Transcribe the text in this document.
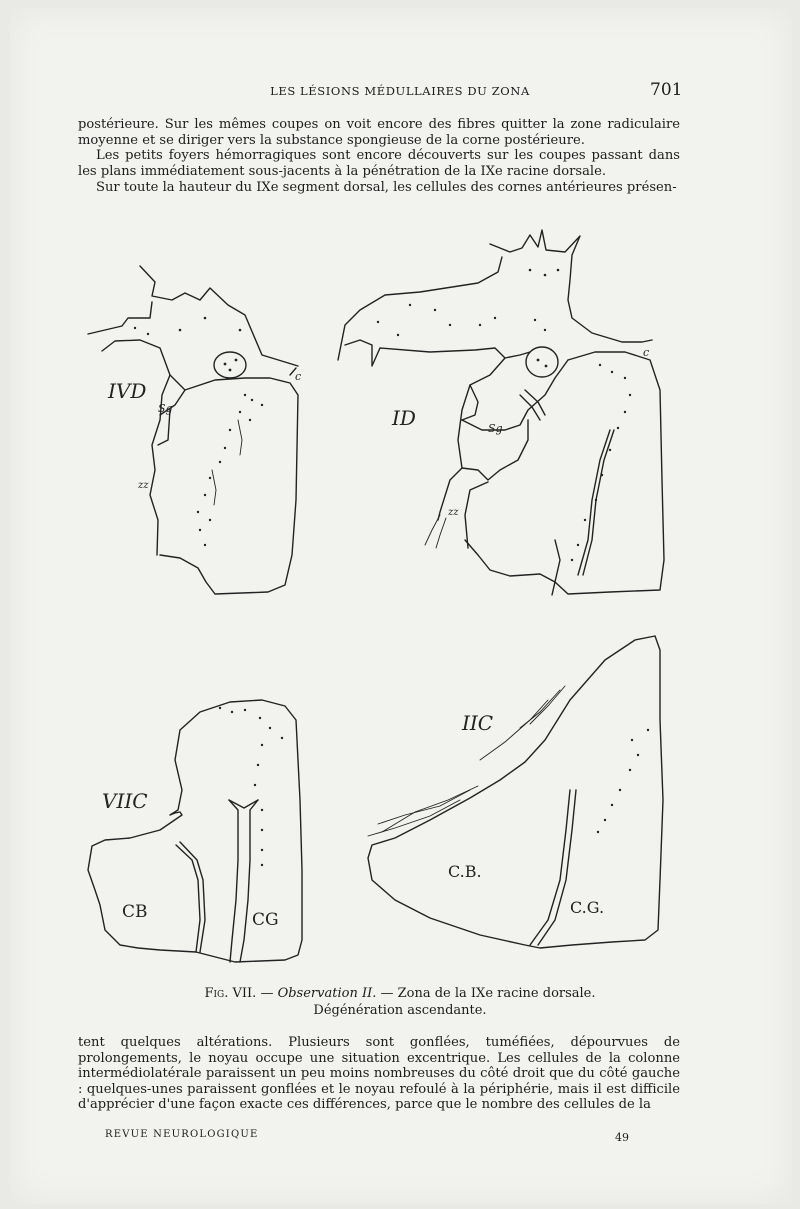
LES LÉSIONS MÉDULLAIRES DU ZONA	701

postérieure. Sur les mêmes coupes on voit encore des fibres quitter la zone radiculaire moyenne et se diriger vers la substance spongieuse de la corne postérieure.

Les petits foyers hémorragiques sont encore découverts sur les coupes passant dans les plans immédiatement sous-jacents à la pénétration de la IXe racine dorsale.

Sur toute la hauteur du IXe segment dorsal, les cellules des cornes antérieures présen-

IVD
ID
VIIC
IIC
Sg
zz
c
Sg
zz
c
CB	CG
C.B.
C.G.
Fig. VII. — Observation II. — Zona de la IXe racine dorsale.
Dégénération ascendante.

tent quelques altérations. Plusieurs sont gonflées, tuméfiées, dépourvues de prolongements, le noyau occupe une situation excentrique. Les cellules de la colonne intermédiolatérale paraissent un peu moins nombreuses du côté droit que du côté gauche : quelques-unes paraissent gonflées et le noyau refoulé à la périphérie, mais il est difficile d'apprécier d'une façon exacte ces différences, parce que le nombre des cellules de la

REVUE NEUROLOGIQUE	49
